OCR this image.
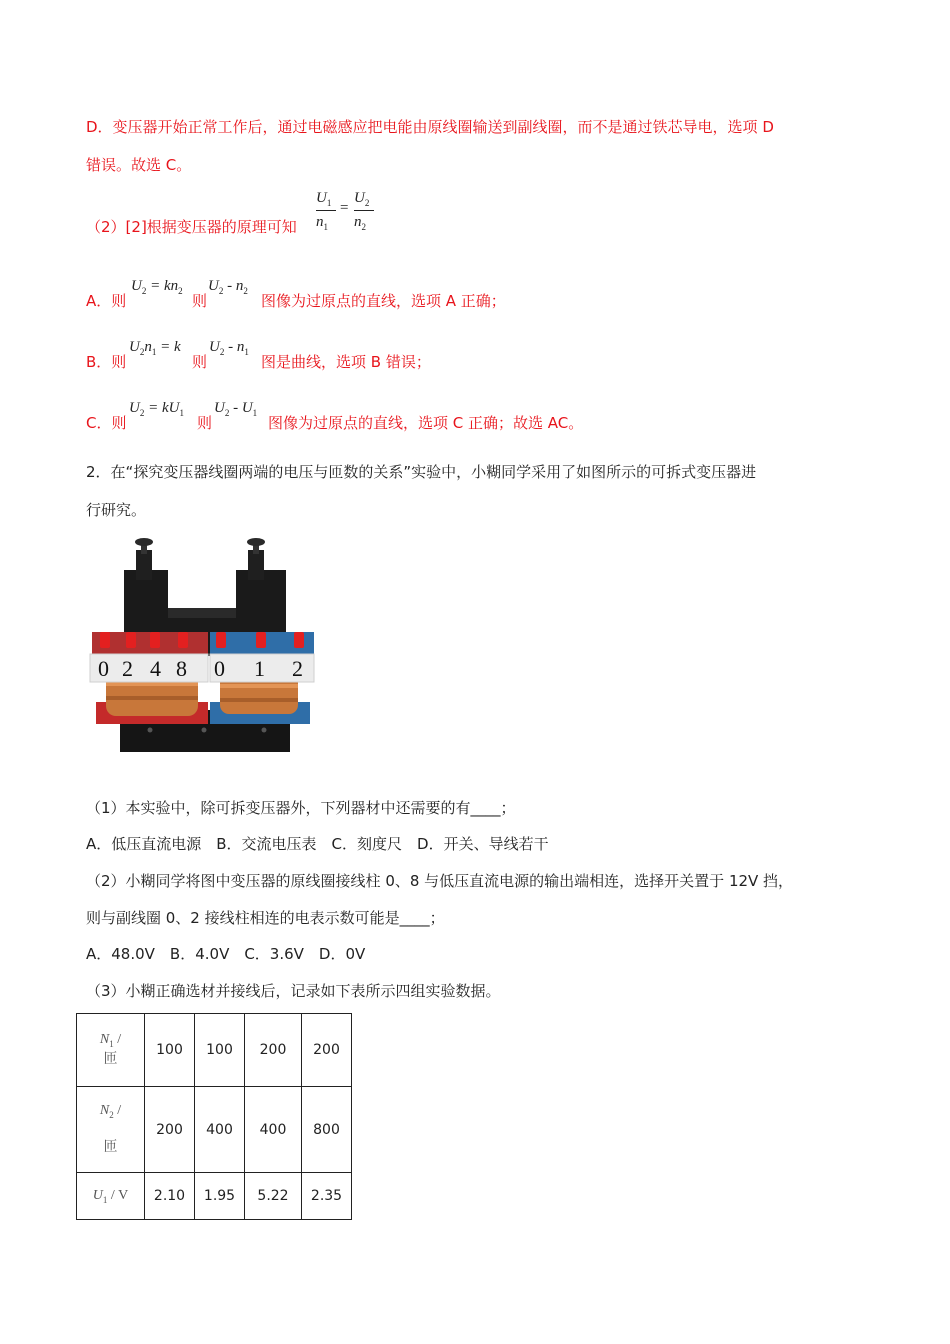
D．变压器开始正常工作后，通过电磁感应把电能由原线圈输送到副线圈，而不是通过铁芯导电，选项 D
错误。故选 C。
$U_1$
$n_1$
=
$U_2$
$n_2$
（2）[2]根据变压器的原理可知
A．则
$U_2 = kn_2$
则
$U_2 - n_2$
图像为过原点的直线，选项 A 正确；
B．则
$U_2n_1 = k$
则
$U_2 - n_1$
图是曲线，选项 B 错误；
C．则
$U_2 = kU_1$
则
$U_2 - U_1$
图像为过原点的直线，选项 C 正确；故选 AC。
2．在“探究变压器线圈两端的电压与匝数的关系”实验中，小糊同学采用了如图所示的可拆式变压器进
行研究。
0 2 4 8 0 1 2
（1）本实验中，除可拆变压器外，下列器材中还需要的有____；
A．低压直流电源　B．交流电压表　C．刻度尺　D．开关、导线若干
（2）小糊同学将图中变压器的原线圈接线柱 0、8 与低压直流电源的输出端相连，选择开关置于 12V 挡，
则与副线圈 0、2 接线柱相连的电表示数可能是____；
A．48.0V　B．4.0V　C．3.6V　D．0V
（3）小糊正确选材并接线后，记录如下表所示四组实验数据。
$N_1$ /
匝	100	100	200	200
$N_2$ /

匝	200	400	400	800
$U_1$ / V	2.10	1.95	5.22	2.35
